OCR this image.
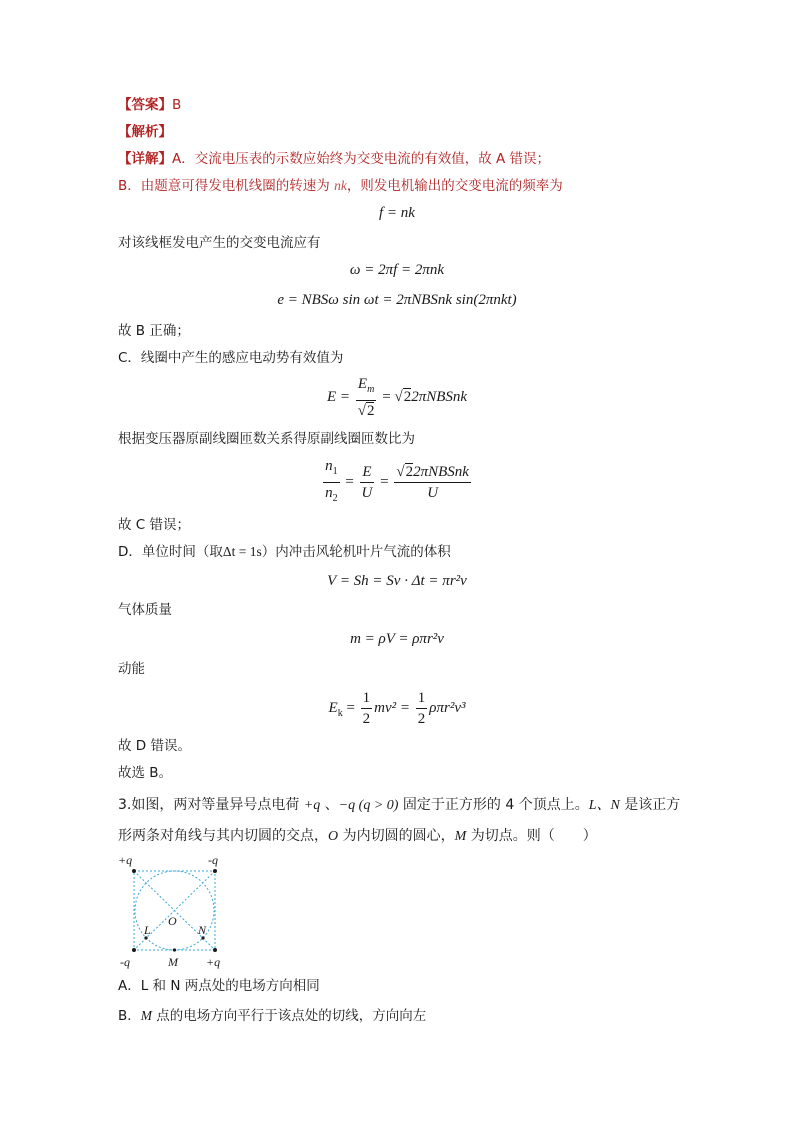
【答案】B
【解析】
【详解】A．交流电压表的示数应始终为交变电流的有效值，故 A 错误；
B．由题意可得发电机线圈的转速为 nk，则发电机输出的交变电流的频率为
f = nk
对该线框发电产生的交变电流应有
ω = 2πf = 2πnk
e = NBSω sin ωt = 2πNBSnk sin(2πnkt)
故 B 正确；
C．线圈中产生的感应电动势有效值为
$E = \frac{E_m}{√2}$ = √22πNBSnk
根据变压器原副线圈匝数关系得原副线圈匝数比为
$\frac{n_1}{n_2} = \frac{E}{U} = \frac{\text{√22πNBSnk}}{U}$
故 C 错误；
D．单位时间（取Δt = 1s）内冲击风轮机叶片气流的体积
V = Sh = Sv · Δt = πr²v
气体质量
m = ρV = ρπr²v
动能
$E_k = \frac{1}{2} mv^2 = \frac{1}{2} \rho\pi r^2v^3$
故 D 错误。
故选 B。
3.如图，两对等量异号点电荷 +q 、−q (q > 0) 固定于正方形的 4 个顶点上。L、N 是该正方
形两条对角线与其内切圆的交点，O 为内切圆的圆心，M 为切点。则（　　）
+q	-q
-q	+q
L	N
O
M
A．L 和 N 两点处的电场方向相同
B．M 点的电场方向平行于该点处的切线，方向向左
